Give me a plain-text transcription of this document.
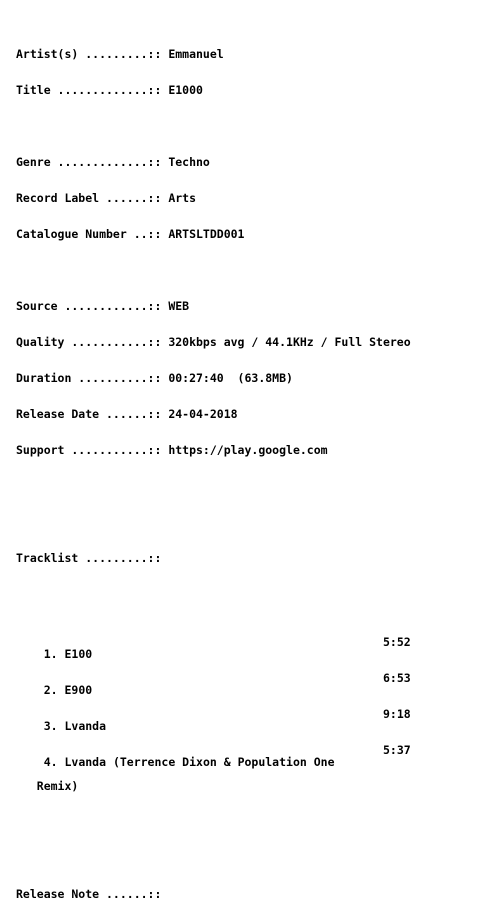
Artist(s) .........:: Emmanuel

Title .............:: E1000

Genre .............:: Techno

Record Label ......:: Arts

Catalogue Number ..:: ARTSLTDD001

Source ............:: WEB

Quality ...........:: 320kbps avg / 44.1KHz / Full Stereo

Duration ..........:: 00:27:40  (63.8MB)

Release Date ......:: 24-04-2018

Support ...........:: https://play.google.com

Tracklist .........::

1. E100

5:52

2. E900

6:53

3. Lvanda

9:18

4. Lvanda (Terrence Dixon & Population One

5:37

Remix)

Release Note ......::
